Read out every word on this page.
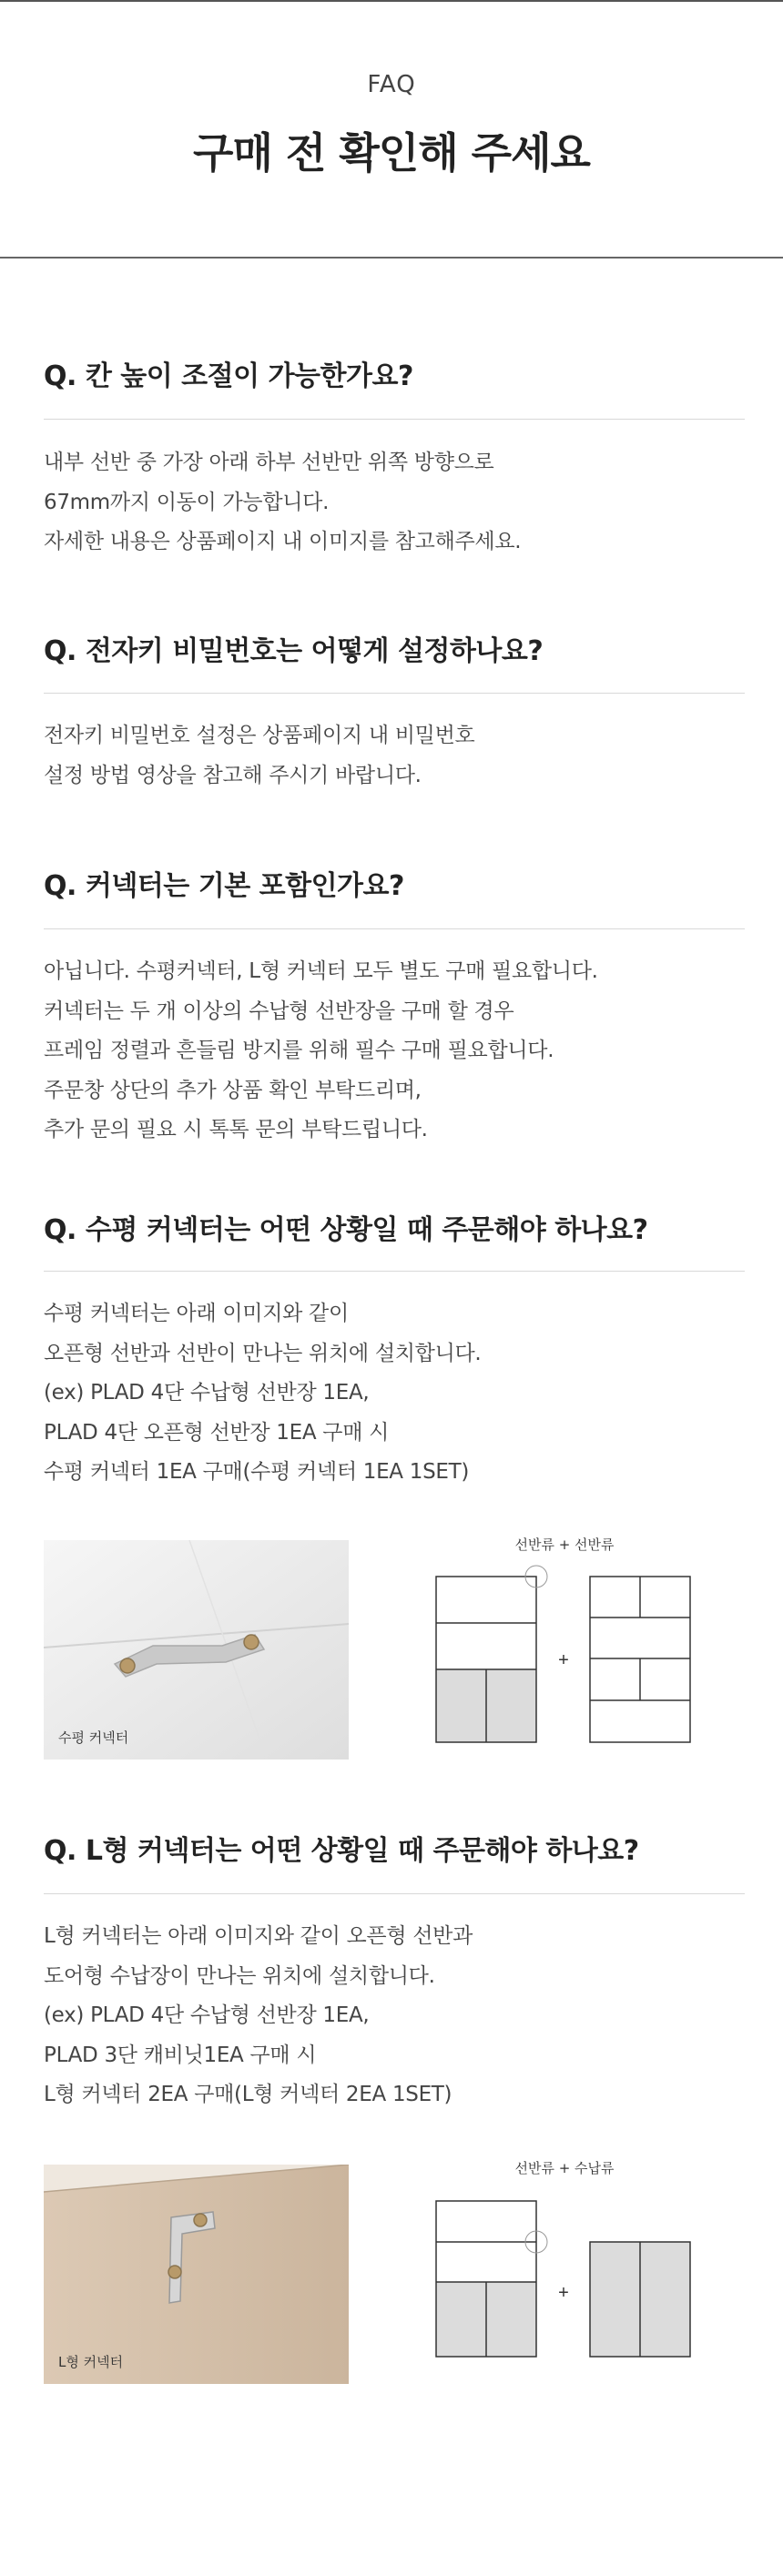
FAQ
구매 전 확인해 주세요
Q. 칸 높이 조절이 가능한가요?
내부 선반 중 가장 아래 하부 선반만 위쪽 방향으로
67mm까지 이동이 가능합니다.
자세한 내용은 상품페이지 내 이미지를 참고해주세요.
Q. 전자키 비밀번호는 어떻게 설정하나요?
전자키 비밀번호 설정은 상품페이지 내 비밀번호
설정 방법 영상을 참고해 주시기 바랍니다.
Q. 커넥터는 기본 포함인가요?
아닙니다. 수평커넥터, L형 커넥터 모두 별도 구매 필요합니다.
커넥터는 두 개 이상의 수납형 선반장을 구매 할 경우
프레임 정렬과 흔들림 방지를 위해 필수 구매 필요합니다.
주문창 상단의 추가 상품 확인 부탁드리며,
추가 문의 필요 시 톡톡 문의 부탁드립니다.
Q. 수평 커넥터는 어떤 상황일 때 주문해야 하나요?
수평 커넥터는 아래 이미지와 같이
오픈형 선반과 선반이 만나는 위치에 설치합니다.
(ex) PLAD 4단 수납형 선반장 1EA,
PLAD 4단 오픈형 선반장 1EA 구매 시
수평 커넥터 1EA 구매(수평 커넥터 1EA 1SET)
수평 커넥터
선반류 + 선반류
+
Q. L형 커넥터는 어떤 상황일 때 주문해야 하나요?
L형 커넥터는 아래 이미지와 같이 오픈형 선반과
도어형 수납장이 만나는 위치에 설치합니다.
(ex) PLAD 4단 수납형 선반장 1EA,
PLAD 3단 캐비닛1EA 구매 시
L형 커넥터 2EA 구매(L형 커넥터 2EA 1SET)
L형 커넥터
선반류 + 수납류
+
